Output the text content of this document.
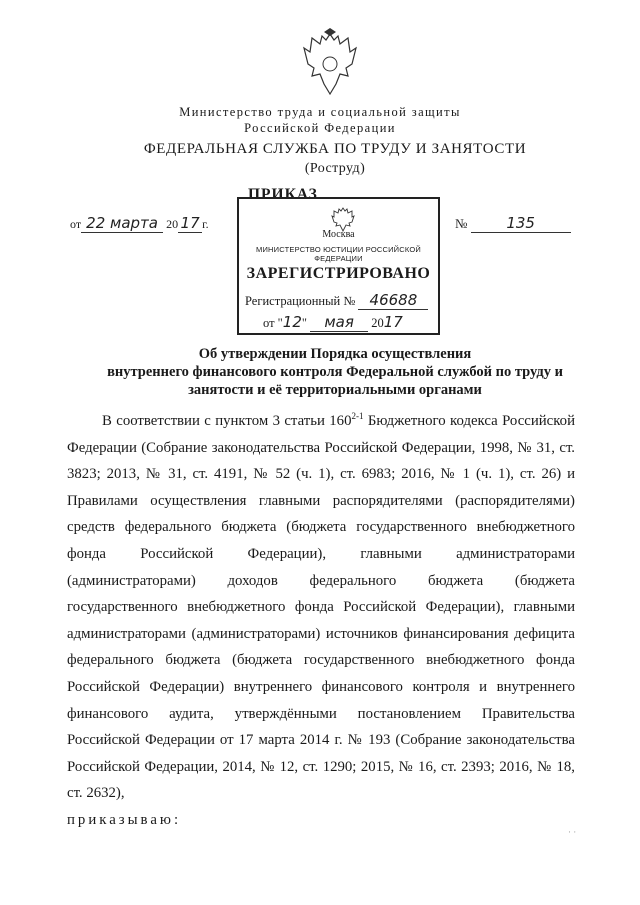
Министерство труда и социальной защиты
Российской Федерации
ФЕДЕРАЛЬНАЯ СЛУЖБА ПО ТРУДУ И ЗАНЯТОСТИ
(Роструд)
ПРИКАЗ
от 22 марта 20 17 г.	№	135
Москва
МИНИСТЕРСТВО ЮСТИЦИИ РОССИЙСКОЙ ФЕДЕРАЦИИ
ЗАРЕГИСТРИРОВАНО
Регистрационный № 46688
от "12" мая 2017
Об утверждении Порядка осуществления
внутреннего финансового контроля Федеральной службой по труду и
занятости и её территориальными органами

В соответствии с пунктом 3 статьи 160$^{2-1}$ Бюджетного кодекса Российской Федерации (Собрание законодательства Российской Федерации, 1998, № 31, ст. 3823; 2013, № 31, ст. 4191, № 52 (ч. 1), ст. 6983; 2016, № 1 (ч. 1), ст. 26) и Правилами осуществления главными распорядителями (распорядителями) средств федерального бюджета (бюджета государственного внебюджетного фонда Российской Федерации), главными администраторами (администраторами) доходов федерального бюджета (бюджета государственного внебюджетного фонда Российской Федерации), главными администраторами (администраторами) источников финансирования дефицита федерального бюджета (бюджета государственного внебюджетного фонда Российской Федерации) внутреннего финансового контроля и внутреннего финансового аудита, утверждёнными постановлением Правительства Российской Федерации от 17 марта 2014 г. № 193 (Собрание законодательства Российской Федерации, 2014, № 12, ст. 1290; 2015, № 16, ст. 2393; 2016, № 18, ст. 2632),

приказываю:

· ·
